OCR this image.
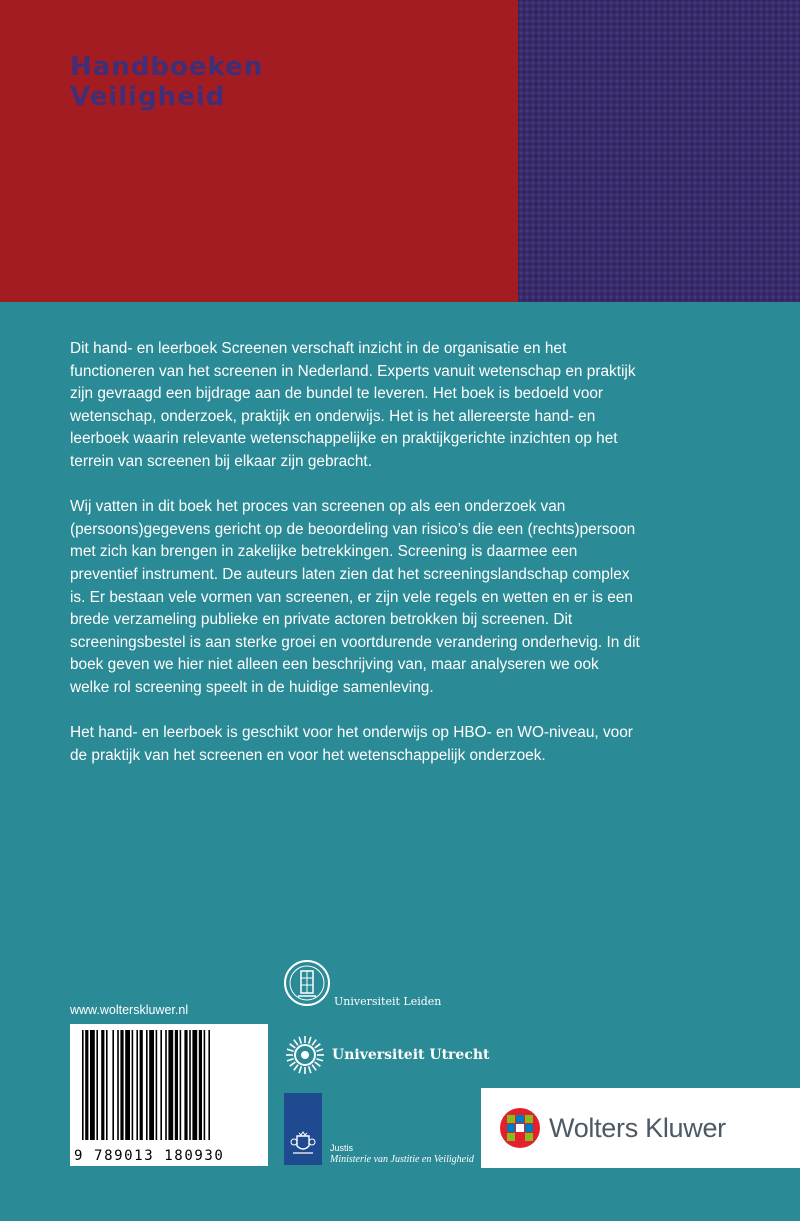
Handboeken
Veiligheid

Dit hand- en leerboek Screenen verschaft inzicht in de organisatie en het functioneren van het screenen in Nederland. Experts vanuit wetenschap en praktijk zijn gevraagd een bijdrage aan de bundel te leveren. Het boek is bedoeld voor wetenschap, onderzoek, praktijk en onderwijs. Het is het allereerste hand- en leerboek waarin relevante wetenschappelijke en praktijkgerichte inzichten op het terrein van screenen bij elkaar zijn gebracht.

Wij vatten in dit boek het proces van screenen op als een onderzoek van (persoons)gegevens gericht op de beoordeling van risico’s die een (rechts)persoon met zich kan brengen in zakelijke betrekkingen. Screening is daarmee een preventief instrument. De auteurs laten zien dat het screeningslandschap complex is. Er bestaan vele vormen van screenen, er zijn vele regels en wetten en er is een brede verzameling publieke en private actoren betrokken bij screenen. Dit screeningsbestel is aan sterke groei en voortdurende verandering onderhevig. In dit boek geven we hier niet alleen een beschrijving van, maar analyseren we ook welke rol screening speelt in de huidige samenleving.

Het hand- en leerboek is geschikt voor het onderwijs op HBO- en WO-niveau, voor de praktijk van het screenen en voor het wetenschappelijk onderzoek.

www.wolterskluwer.nl
9 789013 180930
Universiteit Leiden
Universiteit Utrecht
Justis
Ministerie van Justitie en Veiligheid
Wolters Kluwer
